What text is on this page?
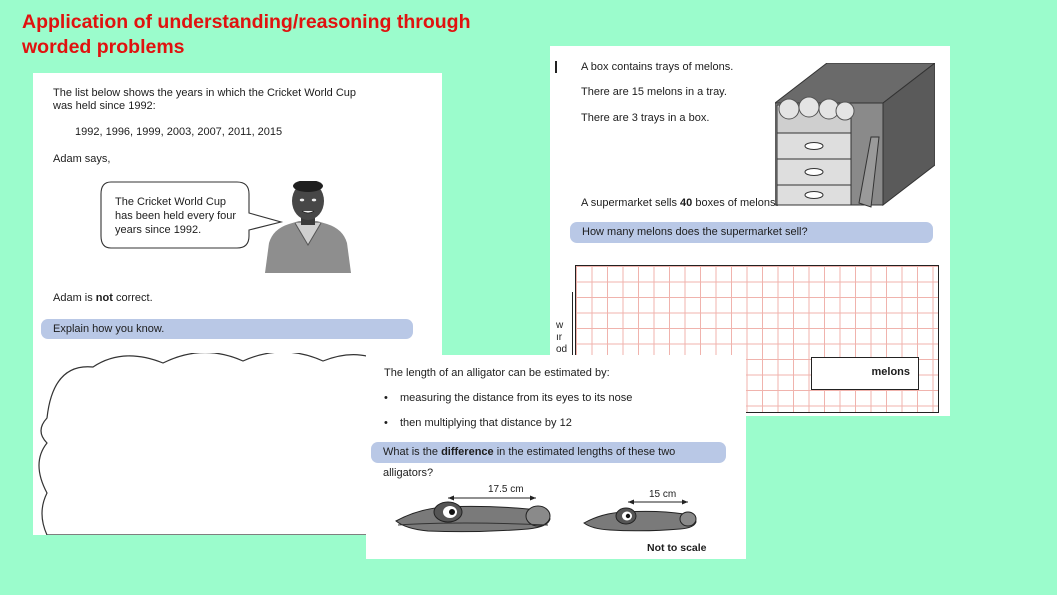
Application of understanding/reasoning through worded problems
The list below shows the years in which the Cricket World Cup
was held since 1992:
1992, 1996, 1999, 2003, 2007, 2011, 2015
Adam says,
The Cricket World Cup
has been held every four
years since 1992.
Adam is not correct.
Explain how you know.
A box contains trays of melons.
There are 15 melons in a tray.
There are 3 trays in a box.
A supermarket sells 40 boxes of melons.
How many melons does the supermarket sell?
melons
w
ır
od
The length of an alligator can be estimated by:
• measuring the distance from its eyes to its nose
• then multiplying that distance by 12
What is the difference in the estimated lengths of these two alligators?
17.5 cm	15 cm
Not to scale
